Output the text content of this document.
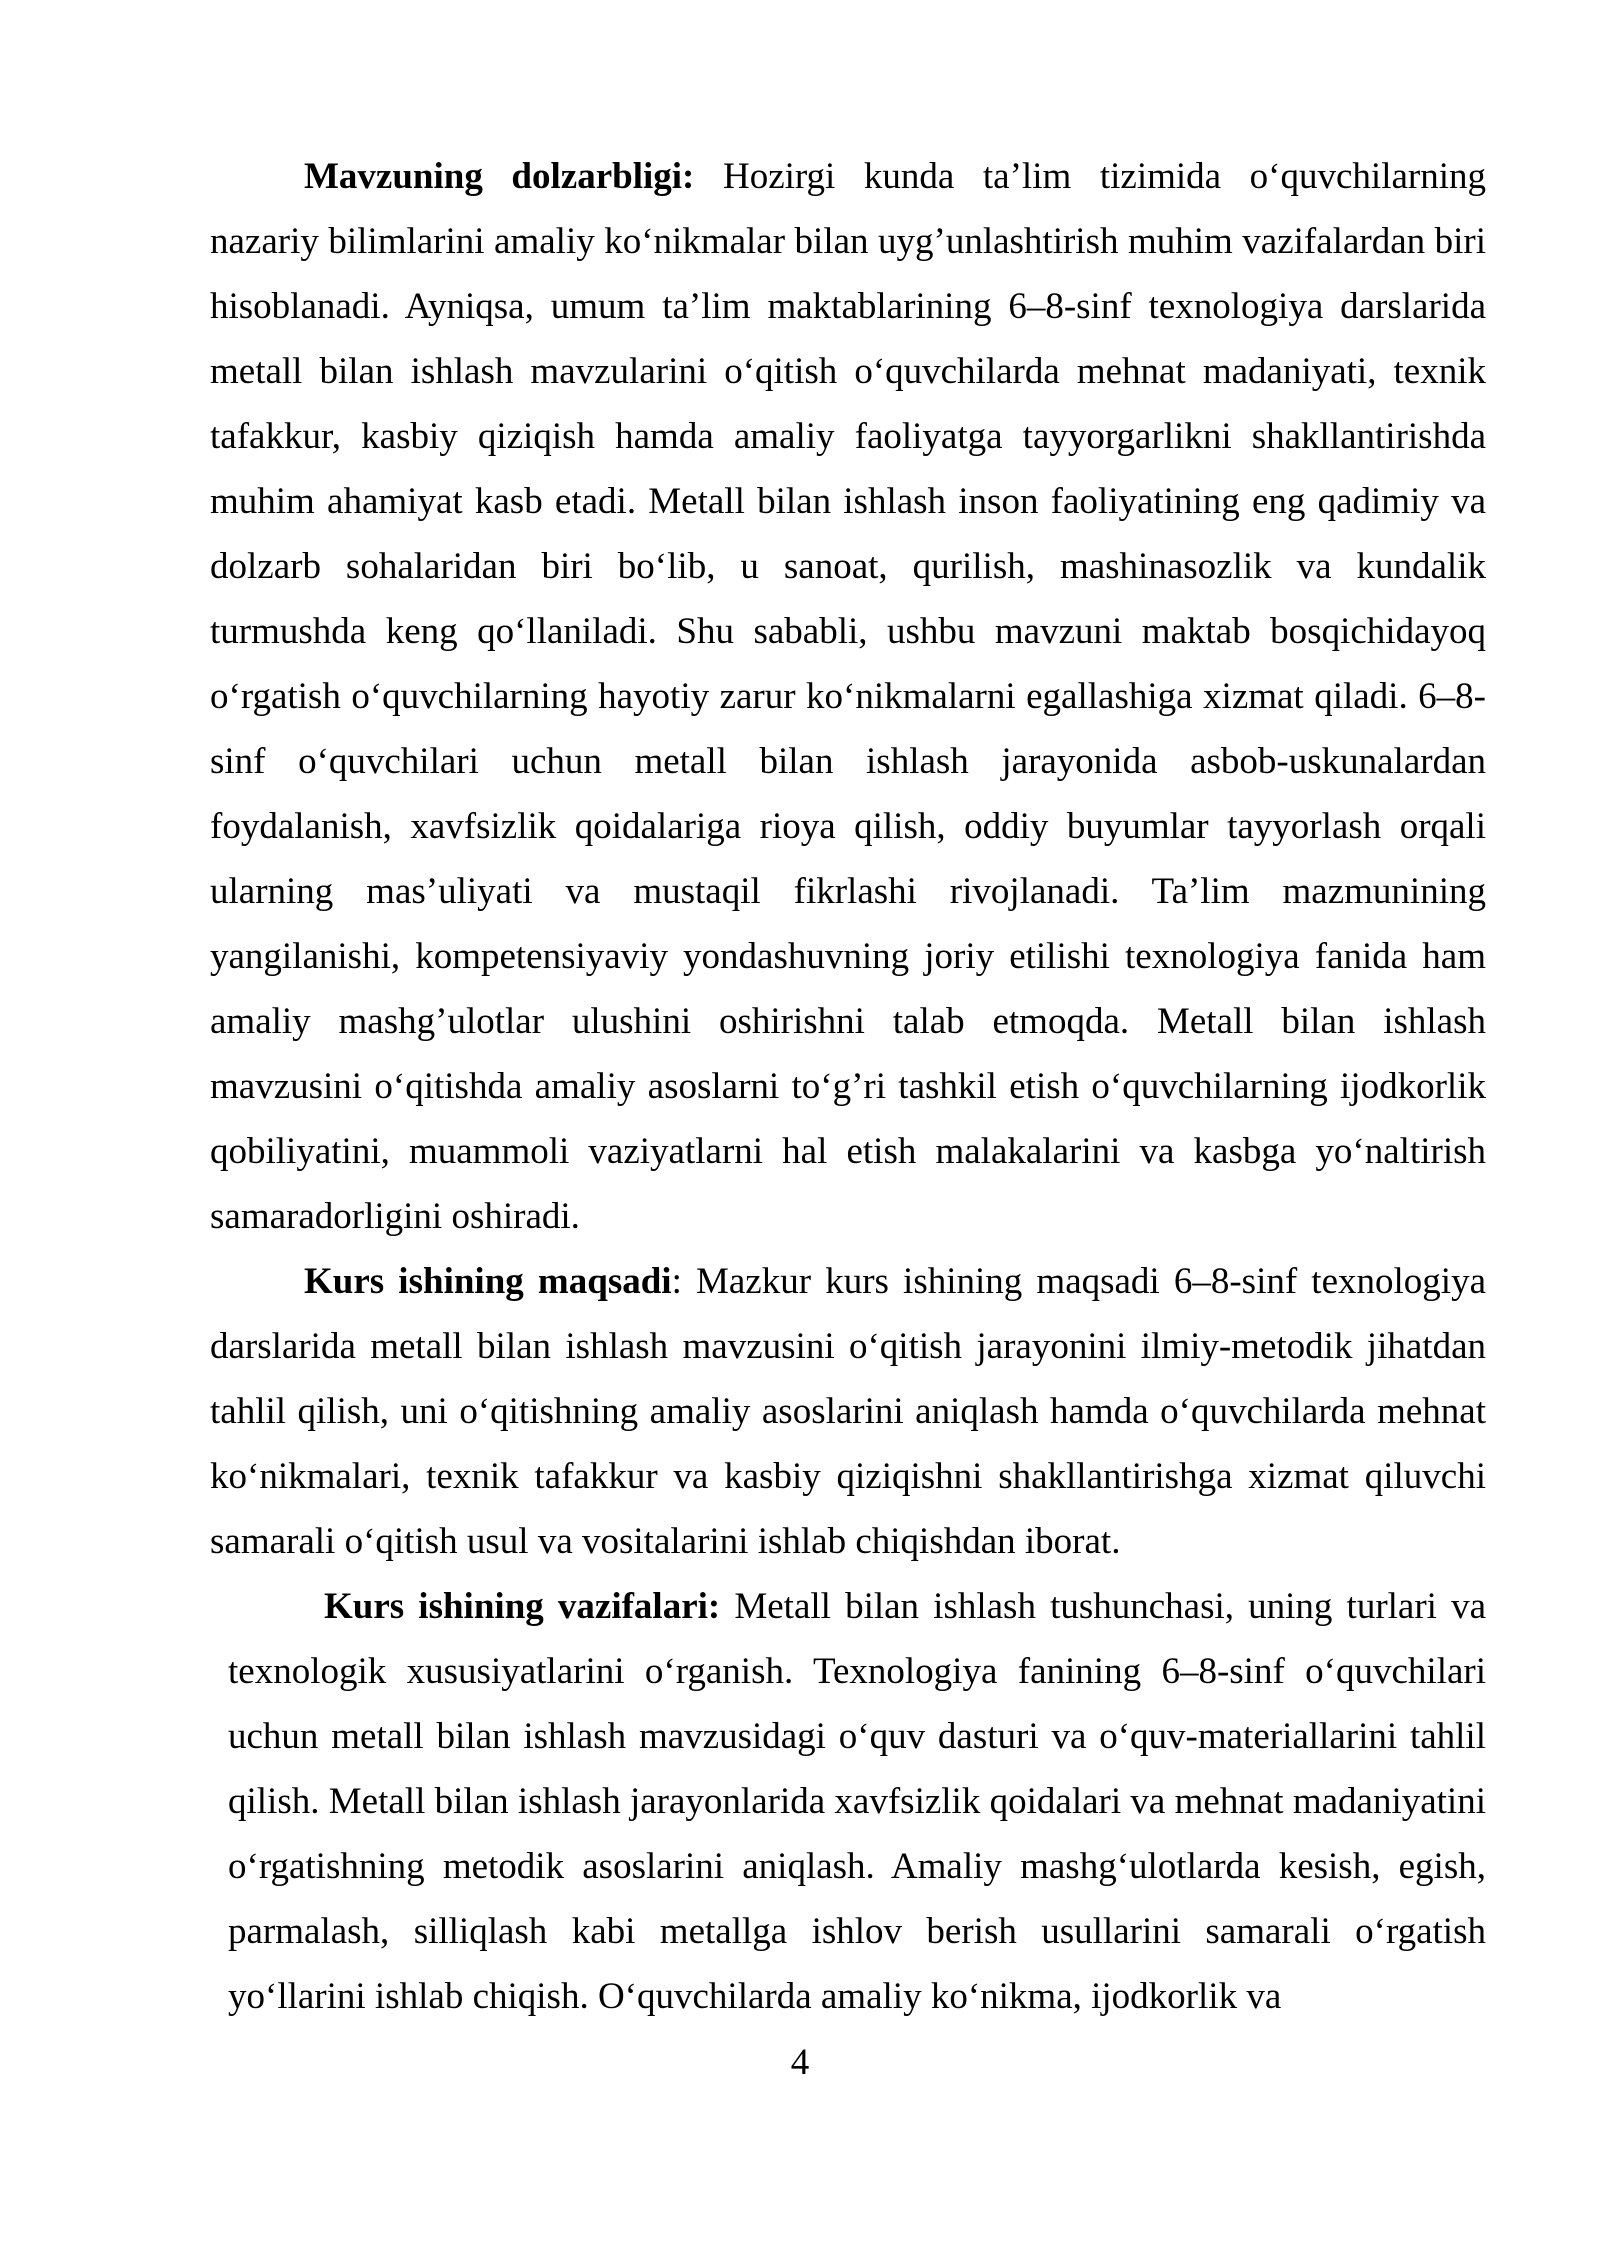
Mavzuning dolzarbligi: Hozirgi kunda ta’lim tizimida o‘quvchilarning nazariy bilimlarini amaliy ko‘nikmalar bilan uyg’unlashtirish muhim vazifalardan biri hisoblanadi. Ayniqsa, umum ta’lim maktablarining 6–8-sinf texnologiya darslarida metall bilan ishlash mavzularini o‘qitish o‘quvchilarda mehnat madaniyati, texnik tafakkur, kasbiy qiziqish hamda amaliy faoliyatga tayyorgarlikni shakllantirishda muhim ahamiyat kasb etadi. Metall bilan ishlash inson faoliyatining eng qadimiy va dolzarb sohalaridan biri bo‘lib, u sanoat, qurilish, mashinasozlik va kundalik turmushda keng qo‘llaniladi. Shu sababli, ushbu mavzuni maktab bosqichidayoq o‘rgatish o‘quvchilarning hayotiy zarur ko‘nikmalarni egallashiga xizmat qiladi. 6–8-sinf o‘quvchilari uchun metall bilan ishlash jarayonida asbob-uskunalardan foydalanish, xavfsizlik qoidalariga rioya qilish, oddiy buyumlar tayyorlash orqali ularning mas’uliyati va mustaqil fikrlashi rivojlanadi. Ta’lim mazmunining yangilanishi, kompetensiyaviy yondashuvning joriy etilishi texnologiya fanida ham amaliy mashg’ulotlar ulushini oshirishni talab etmoqda. Metall bilan ishlash mavzusini o‘qitishda amaliy asoslarni to‘g’ri tashkil etish o‘quvchilarning ijodkorlik qobiliyatini, muammoli vaziyatlarni hal etish malakalarini va kasbga yo‘naltirish samaradorligini oshiradi.

Kurs ishining maqsadi: Mazkur kurs ishining maqsadi 6–8-sinf texnologiya darslarida metall bilan ishlash mavzusini o‘qitish jarayonini ilmiy-metodik jihatdan tahlil qilish, uni o‘qitishning amaliy asoslarini aniqlash hamda o‘quvchilarda mehnat ko‘nikmalari, texnik tafakkur va kasbiy qiziqishni shakllantirishga xizmat qiluvchi samarali o‘qitish usul va vositalarini ishlab chiqishdan iborat.

Kurs ishining vazifalari: Metall bilan ishlash tushunchasi, uning turlari va texnologik xususiyatlarini o‘rganish. Texnologiya fanining 6–8-sinf o‘quvchilari uchun metall bilan ishlash mavzusidagi o‘quv dasturi va o‘quv-materiallarini tahlil qilish. Metall bilan ishlash jarayonlarida xavfsizlik qoidalari va mehnat madaniyatini o‘rgatishning metodik asoslarini aniqlash. Amaliy mashg‘ulotlarda kesish, egish, parmalash, silliqlash kabi metallga ishlov berish usullarini samarali o‘rgatish yo‘llarini ishlab chiqish. O‘quvchilarda amaliy ko‘nikma, ijodkorlik va

4
